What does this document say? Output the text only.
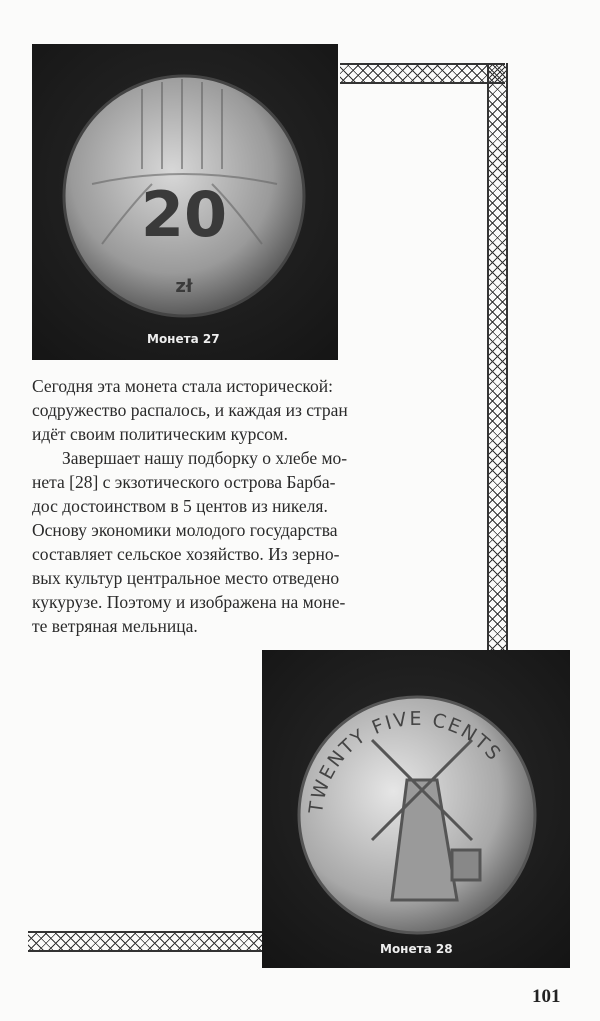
20
zł
Монета 27
TWENTY FIVE CENTS
Монета 28
Сегодня эта монета стала исторической:
содружество распалось, и каждая из стран
идёт своим политическим курсом.
Завершает нашу подборку о хлебе мо-
нета [28] с экзотического острова Барба-
дос достоинством в 5 центов из никеля.
Основу экономики молодого государства
составляет сельское хозяйство. Из зерно-
вых культур центральное место отведено
кукурузе. Поэтому и изображена на моне-
те ветряная мельница.
101
